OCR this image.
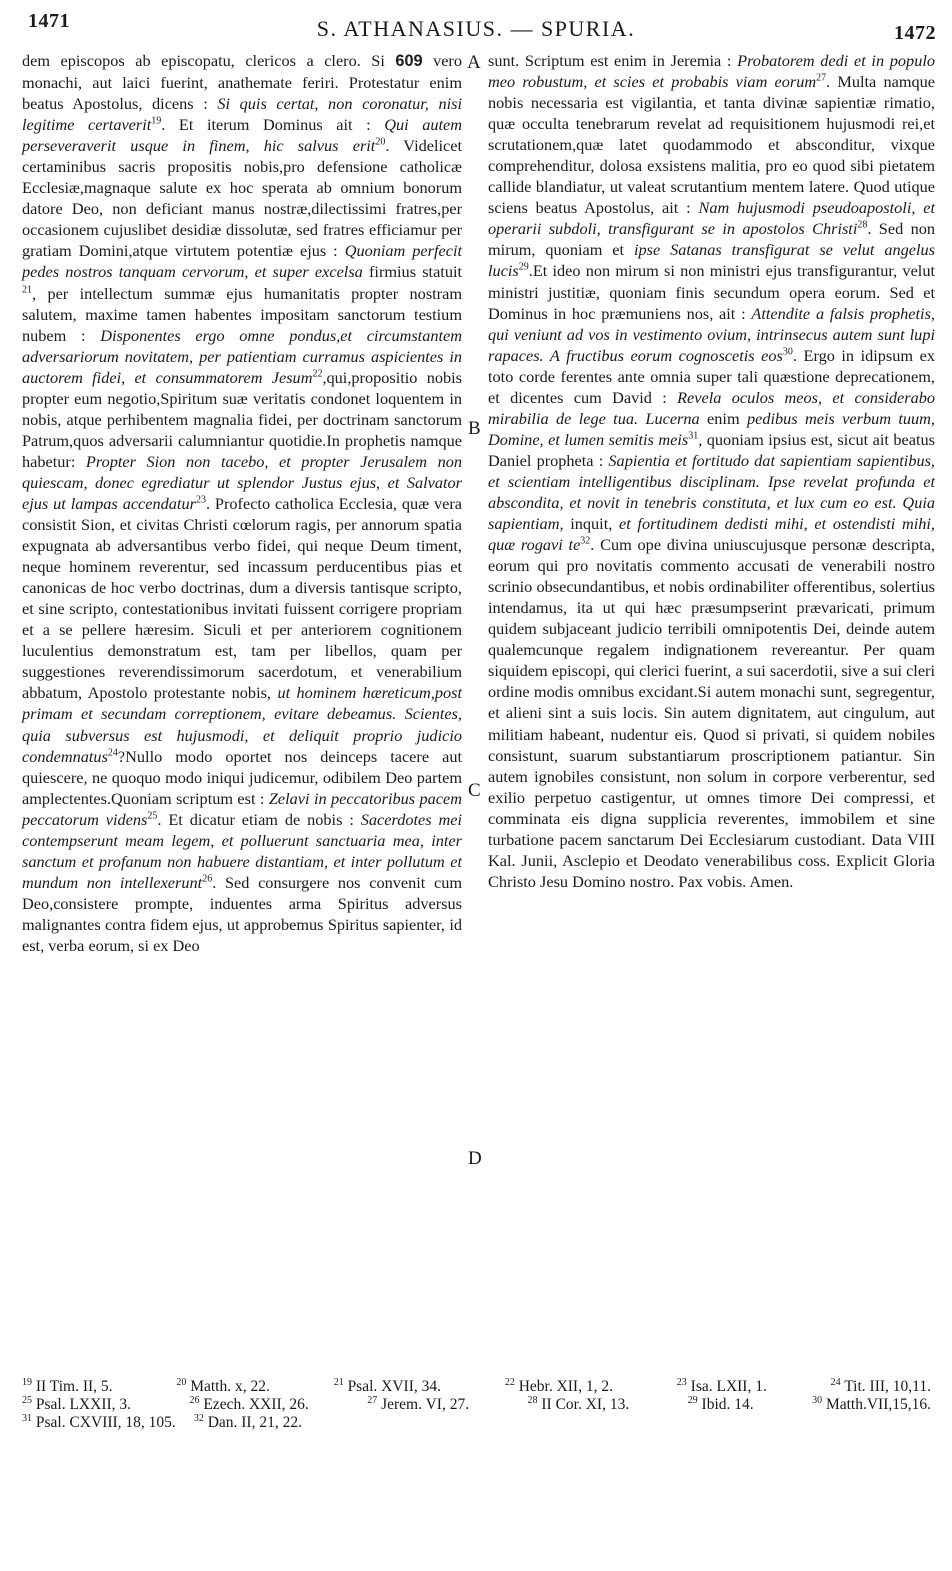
1471	S. ATHANASIUS. — SPURIA.	1472

dem episcopos ab episcopatu, clericos a clero. Si 609 vero monachi, aut laici fuerint, anathemate feriri. Protestatur enim beatus Apostolus, dicens : Si quis certat, non coronatur, nisi legitime certaverit$^{19}$. Et iterum Dominus ait : Qui autem perseveraverit usque in finem, hic salvus erit$^{20}$. Videlicet certaminibus sacris propositis nobis,pro defensione catholicæ Ecclesiæ,magnaque salute ex hoc sperata ab omnium bonorum datore Deo, non deficiant manus nostræ,dilectissimi fratres,per occasionem cujuslibet desidiæ dissolutæ, sed fratres efficiamur per gratiam Domini,atque virtutem potentiæ ejus : Quoniam perfecit pedes nostros tanquam cervorum, et super excelsa firmius statuit $^{21}$, per intellectum summæ ejus humanitatis propter nostram salutem, maxime tamen habentes impositam sanctorum testium nubem : Disponentes ergo omne pondus,et circumstantem adversariorum novitatem, per patientiam curramus aspicientes in auctorem fidei, et consummatorem Jesum$^{22}$,qui,propositio nobis propter eum negotio,Spiritum suæ veritatis condonet loquentem in nobis, atque perhibentem magnalia fidei, per doctrinam sanctorum Patrum,quos adversarii calumniantur quotidie.In prophetis namque habetur: Propter Sion non tacebo, et propter Jerusalem non quiescam, donec egrediatur ut splendor Justus ejus, et Salvator ejus ut lampas accendatur$^{23}$. Profecto catholica Ecclesia, quæ vera consistit Sion, et civitas Christi cœlorum ragis, per annorum spatia expugnata ab adversantibus verbo fidei, qui neque Deum timent, neque hominem reverentur, sed incassum perducentibus pias et canonicas de hoc verbo doctrinas, dum a diversis tantisque scripto, et sine scripto, contestationibus invitati fuissent corrigere propriam et a se pellere hæresim. Siculi et per anteriorem cognitionem luculentius demonstratum est, tam per libellos, quam per suggestiones reverendissimorum sacerdotum, et venerabilium abbatum, Apostolo protestante nobis, ut hominem hæreticum,post primam et secundam correptionem, evitare debeamus. Scientes, quia subversus est hujusmodi, et deliquit proprio judicio condemnatus$^{24}$?Nullo modo oportet nos deinceps tacere aut quiescere, ne quoquo modo iniqui judicemur, odibilem Deo partem amplectentes.Quoniam scriptum est : Zelavi in peccatoribus pacem peccatorum videns$^{25}$. Et dicatur etiam de nobis : Sacerdotes mei contempserunt meam legem, et polluerunt sanctuaria mea, inter sanctum et profanum non habuere distantiam, et inter pollutum et mundum non intellexerunt$^{26}$. Sed consurgere nos convenit cum Deo,consistere prompte, induentes arma Spiritus adversus malignantes contra fidem ejus, ut approbemus Spiritus sapienter, id est, verba eorum, si ex Deo

A
B
C
D

sunt. Scriptum est enim in Jeremia : Probatorem dedi et in populo meo robustum, et scies et probabis viam eorum$^{27}$. Multa namque nobis necessaria est vigilantia, et tanta divinæ sapientiæ rimatio, quæ occulta tenebrarum revelat ad requisitionem hujusmodi rei,et scrutationem,quæ latet quodammodo et absconditur, vixque comprehenditur, dolosa exsistens malitia, pro eo quod sibi pietatem callide blandiatur, ut valeat scrutantium mentem latere. Quod utique sciens beatus Apostolus, ait : Nam hujusmodi pseudoapostoli, et operarii subdoli, transfigurant se in apostolos Christi$^{28}$. Sed non mirum, quoniam et ipse Satanas transfigurat se velut angelus lucis$^{29}$.Et ideo non mirum si non ministri ejus transfigurantur, velut ministri justitiæ, quoniam finis secundum opera eorum. Sed et Dominus in hoc præmuniens nos, ait : Attendite a falsis prophetis, qui veniunt ad vos in vestimento ovium, intrinsecus autem sunt lupi rapaces. A fructibus eorum cognoscetis eos$^{30}$. Ergo in idipsum ex toto corde ferentes ante omnia super tali quæstione deprecationem, et dicentes cum David : Revela oculos meos, et considerabo mirabilia de lege tua. Lucerna enim pedibus meis verbum tuum, Domine, et lumen semitis meis$^{31}$, quoniam ipsius est, sicut ait beatus Daniel propheta : Sapientia et fortitudo dat sapientiam sapientibus, et scientiam intelligentibus disciplinam. Ipse revelat profunda et abscondita, et novit in tenebris constituta, et lux cum eo est. Quia sapientiam, inquit, et fortitudinem dedisti mihi, et ostendisti mihi, quæ rogavi $te^{32}$. Cum ope divina uniuscujusque personæ descripta, eorum qui pro novitatis commento accusati de venerabili nostro scrinio obsecundantibus, et nobis ordinabiliter offerentibus, solertius intendamus, ita ut qui hæc præsumpserint prævaricati, primum quidem subjaceant judicio terribili omnipotentis Dei, deinde autem qualemcunque regalem indignationem revereantur. Per quam siquidem episcopi, qui clerici fuerint, a sui sacerdotii, sive a sui cleri ordine modis omnibus excidant.Si autem monachi sunt, segregentur, et alieni sint a suis locis. Sin autem dignitatem, aut cingulum, aut militiam habeant, nudentur eis. Quod si privati, si quidem nobiles consistunt, suarum substantiarum proscriptionem patiantur. Sin autem ignobiles consistunt, non solum in corpore verberentur, sed exilio perpetuo castigentur, ut omnes timore Dei compressi, et comminata eis digna supplicia reverentes, immobilem et sine turbatione pacem sanctarum Dei Ecclesiarum custodiant. Data VIII Kal. Junii, Asclepio et Deodato venerabilibus coss. Explicit Gloria Christo Jesu Domino nostro. Pax vobis. Amen.

$^{19}$ II Tim. II, 5.	$^{20}$ Matth. x, 22.	$^{21}$ Psal. XVII, 34.	$^{22}$ Hebr. XII, 1, 2.	$^{23}$ Isa. LXII, 1.	$^{24}$ Tit. III, 10,11.
$^{25}$ Psal. LXXII, 3.	$^{26}$ Ezech. XXII, 26.	$^{27}$ Jerem. VI, 27.	$^{28}$ II Cor. XI, 13.	$^{29}$ Ibid. 14.	$^{30}$ Matth.VII,15,16.
$^{31}$ Psal. CXVIII, 18, 105. $^{32}$ Dan. II, 21, 22.
